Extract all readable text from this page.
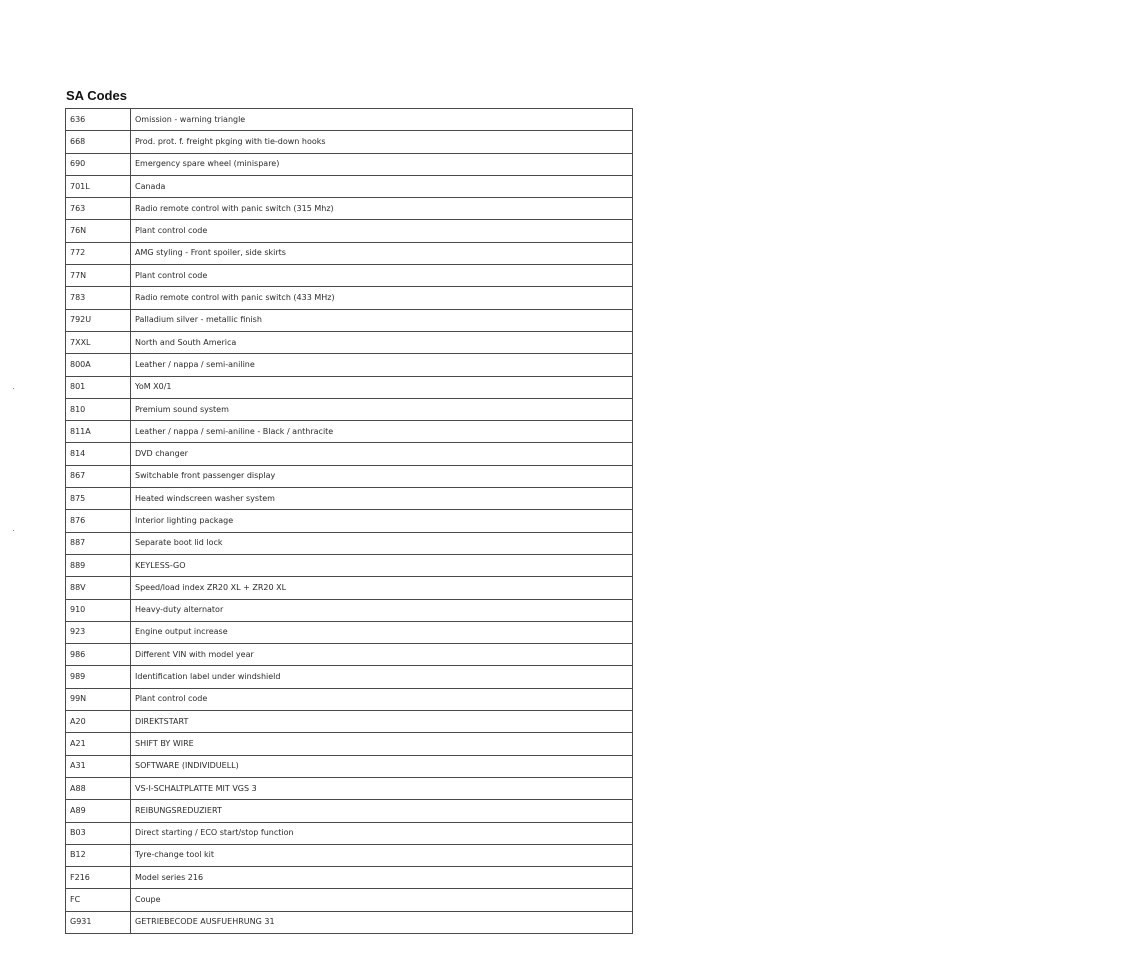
SA Codes
636	Omission - warning triangle
668	Prod. prot. f. freight pkging with tie-down hooks
690	Emergency spare wheel (minispare)
701L	Canada
763	Radio remote control with panic switch (315 Mhz)
76N	Plant control code
772	AMG styling - Front spoiler, side skirts
77N	Plant control code
783	Radio remote control with panic switch (433 MHz)
792U	Palladium silver - metallic finish
7XXL	North and South America
800A	Leather / nappa / semi-aniline
801	YoM X0/1
810	Premium sound system
811A	Leather / nappa / semi-aniline - Black / anthracite
814	DVD changer
867	Switchable front passenger display
875	Heated windscreen washer system
876	Interior lighting package
887	Separate boot lid lock
889	KEYLESS-GO
88V	Speed/load index ZR20 XL + ZR20 XL
910	Heavy-duty alternator
923	Engine output increase
986	Different VIN with model year
989	Identification label under windshield
99N	Plant control code
A20	DIREKTSTART
A21	SHIFT BY WIRE
A31	SOFTWARE (INDIVIDUELL)
A88	VS-I-SCHALTPLATTE MIT VGS 3
A89	REIBUNGSREDUZIERT
B03	Direct starting / ECO start/stop function
B12	Tyre-change tool kit
F216	Model series 216
FC	Coupe
G931	GETRIEBECODE AUSFUEHRUNG 31
